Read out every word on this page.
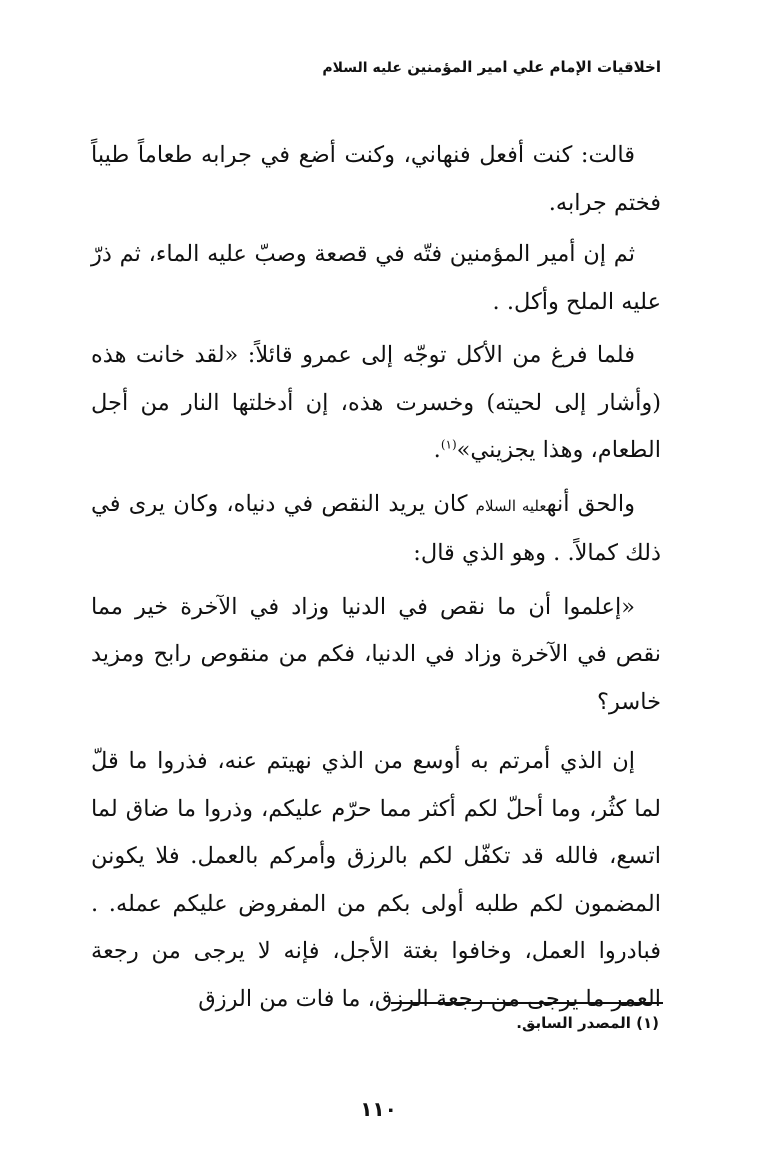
اخلاقيات الإمام علي امير المؤمنين عليه السلام

قالت: كنت أفعل فنهاني، وكنت أضع في جرابه طعاماً طيباً فختم جرابه.

ثم إن أمير المؤمنين فتّه في قصعة وصبّ عليه الماء، ثم ذرّ عليه الملح وأكل. .

فلما فرغ من الأكل توجّه إلى عمرو قائلاً: «لقد خانت هذه (وأشار إلى لحيته) وخسرت هذه، إن أدخلتها النار من أجل الطعام، وهذا يجزيني»$^{(١)}$.

والحق أنهعليه السلام كان يريد النقص في دنياه، وكان يرى في ذلك كمالاً. . وهو الذي قال:

«إعلموا أن ما نقص في الدنيا وزاد في الآخرة خير مما نقص في الآخرة وزاد في الدنيا، فكم من منقوص رابح ومزيد خاسر؟

إن الذي أمرتم به أوسع من الذي نهيتم عنه، فذروا ما قلّ لما كثُر، وما أحلّ لكم أكثر مما حرّم عليكم، وذروا ما ضاق لما اتسع، فالله قد تكفّل لكم بالرزق وأمركم بالعمل. فلا يكونن المضمون لكم طلبه أولى بكم من المفروض عليكم عمله. . فبادروا العمل، وخافوا بغتة الأجل، فإنه لا يرجى من رجعة العمر ما يرجى من رجعة الرزق، ما فات من الرزق

(١) المصدر السابق.
١١٠
